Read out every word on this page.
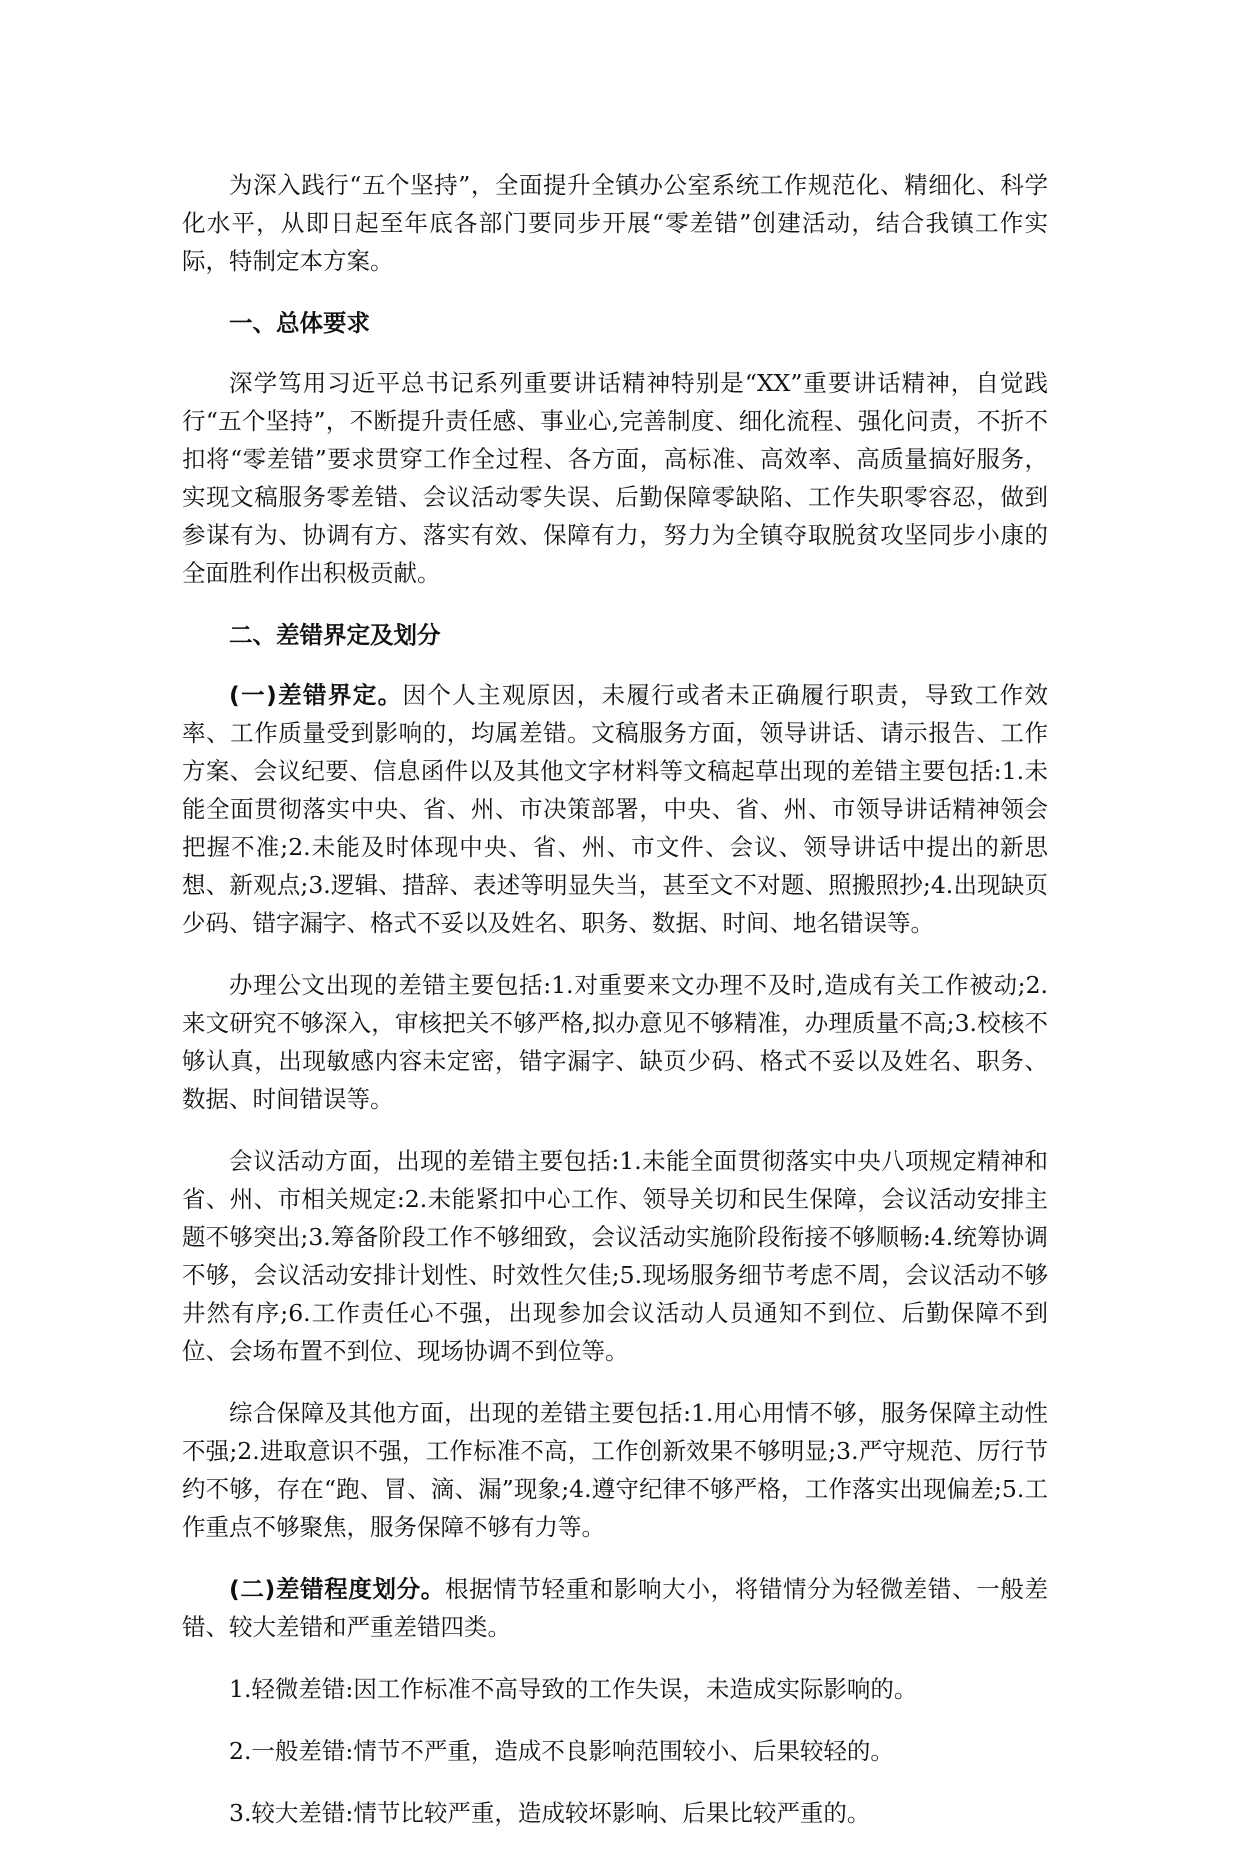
为深入践行“五个坚持”，全面提升全镇办公室系统工作规范化、精细化、科学化水平，从即日起至年底各部门要同步开展“零差错”创建活动，结合我镇工作实际，特制定本方案。

一、总体要求

深学笃用习近平总书记系列重要讲话精神特别是“XX”重要讲话精神，自觉践行“五个坚持”，不断提升责任感、事业心,完善制度、细化流程、强化问责，不折不扣将“零差错”要求贯穿工作全过程、各方面，高标准、高效率、高质量搞好服务，实现文稿服务零差错、会议活动零失误、后勤保障零缺陷、工作失职零容忍，做到参谋有为、协调有方、落实有效、保障有力，努力为全镇夺取脱贫攻坚同步小康的全面胜利作出积极贡献。

二、差错界定及划分

(一)差错界定。因个人主观原因，未履行或者未正确履行职责，导致工作效率、工作质量受到影响的，均属差错。文稿服务方面，领导讲话、请示报告、工作方案、会议纪要、信息函件以及其他文字材料等文稿起草出现的差错主要包括:1.未能全面贯彻落实中央、省、州、市决策部署，中央、省、州、市领导讲话精神领会把握不准;2.未能及时体现中央、省、州、市文件、会议、领导讲话中提出的新思想、新观点;3.逻辑、措辞、表述等明显失当，甚至文不对题、照搬照抄;4.出现缺页少码、错字漏字、格式不妥以及姓名、职务、数据、时间、地名错误等。

办理公文出现的差错主要包括:1.对重要来文办理不及时,造成有关工作被动;2.来文研究不够深入，审核把关不够严格,拟办意见不够精准，办理质量不高;3.校核不够认真，出现敏感内容未定密，错字漏字、缺页少码、格式不妥以及姓名、职务、数据、时间错误等。

会议活动方面，出现的差错主要包括:1.未能全面贯彻落实中央八项规定精神和省、州、市相关规定:2.未能紧扣中心工作、领导关切和民生保障，会议活动安排主题不够突出;3.筹备阶段工作不够细致，会议活动实施阶段衔接不够顺畅:4.统筹协调不够，会议活动安排计划性、时效性欠佳;5.现场服务细节考虑不周，会议活动不够井然有序;6.工作责任心不强，出现参加会议活动人员通知不到位、后勤保障不到位、会场布置不到位、现场协调不到位等。

综合保障及其他方面，出现的差错主要包括:1.用心用情不够，服务保障主动性不强;2.进取意识不强，工作标准不高，工作创新效果不够明显;3.严守规范、厉行节约不够，存在“跑、冒、滴、漏”现象;4.遵守纪律不够严格，工作落实出现偏差;5.工作重点不够聚焦，服务保障不够有力等。

(二)差错程度划分。根据情节轻重和影响大小，将错情分为轻微差错、一般差错、较大差错和严重差错四类。

1.轻微差错:因工作标准不高导致的工作失误，未造成实际影响的。

2.一般差错:情节不严重，造成不良影响范围较小、后果较轻的。

3.较大差错:情节比较严重，造成较坏影响、后果比较严重的。
